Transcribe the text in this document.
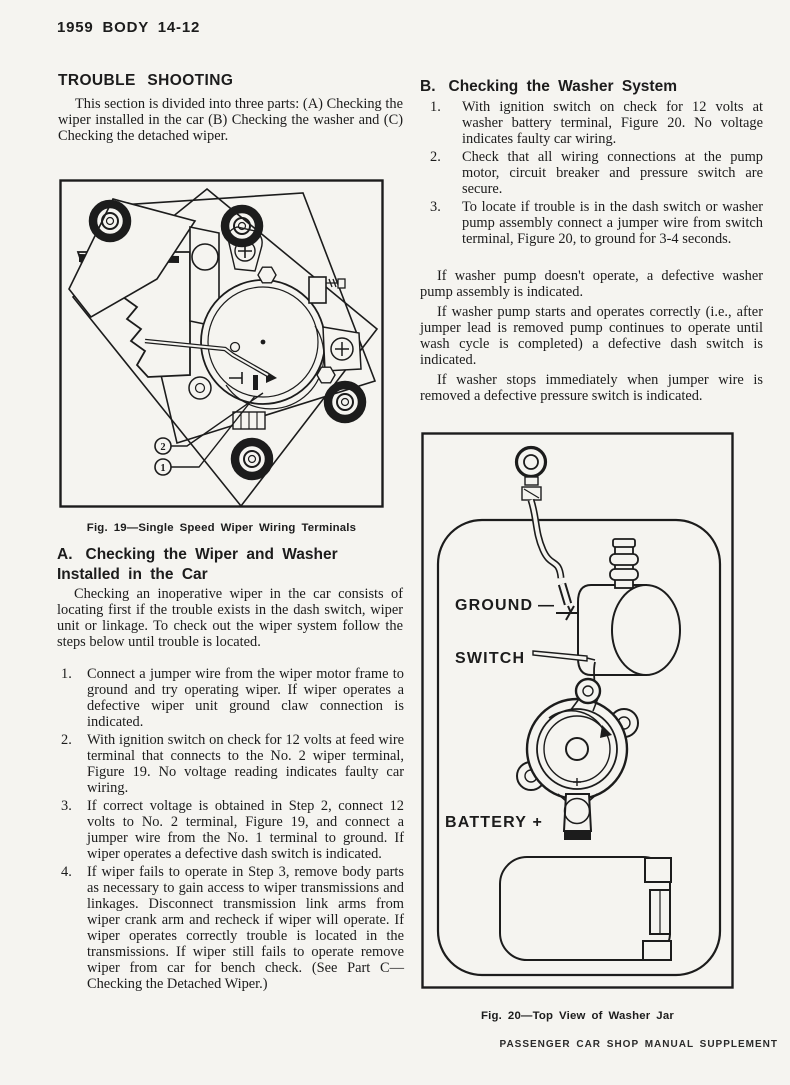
1959 BODY 14-12
TROUBLE SHOOTING
This section is divided into three parts: (A) Checking the wiper installed in the car (B) Checking the washer and (C) Checking the detached wiper.
2
1
Fig. 19—Single Speed Wiper Wiring Terminals
A. Checking the Wiper and Washer Installed in the Car
Checking an inoperative wiper in the car consists of locating first if the trouble exists in the dash switch, wiper unit or linkage. To check out the wiper system follow the steps below until trouble is located.
1.	Connect a jumper wire from the wiper motor frame to ground and try operating wiper. If wiper operates a defective wiper unit ground claw connection is indicated.
2.	With ignition switch on check for 12 volts at feed wire terminal that connects to the No. 2 wiper terminal, Figure 19. No voltage reading indicates faulty car wiring.
3.	If correct voltage is obtained in Step 2, connect 12 volts to No. 2 terminal, Figure 19, and connect a jumper wire from the No. 1 terminal to ground. If wiper operates a defective dash switch is indicated.
4.	If wiper fails to operate in Step 3, remove body parts as necessary to gain access to wiper transmissions and linkages. Disconnect transmission link arms from wiper crank arm and recheck if wiper will operate. If wiper operates correctly trouble is located in the transmissions. If wiper still fails to operate remove wiper from car for bench check. (See Part C—Checking the Detached Wiper.)
B. Checking the Washer System
1.	With ignition switch on check for 12 volts at washer battery terminal, Figure 20. No voltage indicates faulty car wiring.
2.	Check that all wiring connections at the pump motor, circuit breaker and pressure switch are secure.
3.	To locate if trouble is in the dash switch or washer pump assembly connect a jumper wire from switch terminal, Figure 20, to ground for 3-4 seconds.

If washer pump doesn't operate, a defective washer pump assembly is indicated.

If washer pump starts and operates correctly (i.e., after jumper lead is removed pump continues to operate until wash cycle is completed) a defective dash switch is indicated.

If washer stops immediately when jumper wire is removed a defective pressure switch is indicated.

GROUND —
SWITCH
BATTERY +
Fig. 20—Top View of Washer Jar
PASSENGER CAR SHOP MANUAL SUPPLEMENT
